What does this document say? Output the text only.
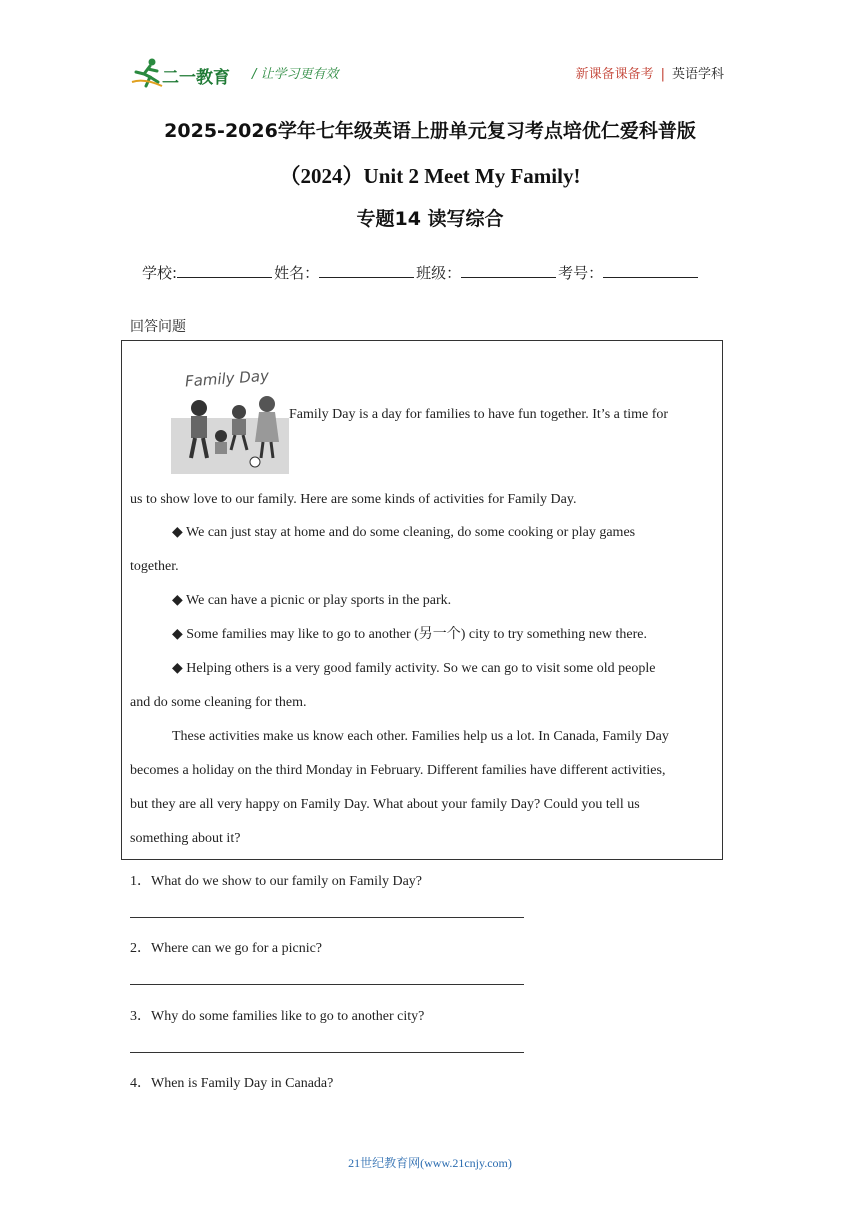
二一教育 / 让学习更有效	新课备课备考 | 英语学科
2025-2026学年七年级英语上册单元复习考点培优仁爱科普版
（2024）Unit 2 Meet My Family!
专题14 读写综合
学校:	姓名：	班级：	考号：
回答问题
Family Day
Family Day is a day for families to have fun together. It’s a time for
us to show love to our family. Here are some kinds of activities for Family Day.
◆ We can just stay at home and do some cleaning, do some cooking or play games
together.
◆ We can have a picnic or play sports in the park.
◆ Some families may like to go to another (另一个) city to try something new there.
◆ Helping others is a very good family activity. So we can go to visit some old people
and do some cleaning for them.
These activities make us know each other. Families help us a lot. In Canada, Family Day
becomes a holiday on the third Monday in February. Different families have different activities,
but they are all very happy on Family Day. What about your family Day? Could you tell us
something about it?
1．What do we show to our family on Family Day?
2．Where can we go for a picnic?
3．Why do some families like to go to another city?
4．When is Family Day in Canada?
21世纪教育网(www.21cnjy.com)
